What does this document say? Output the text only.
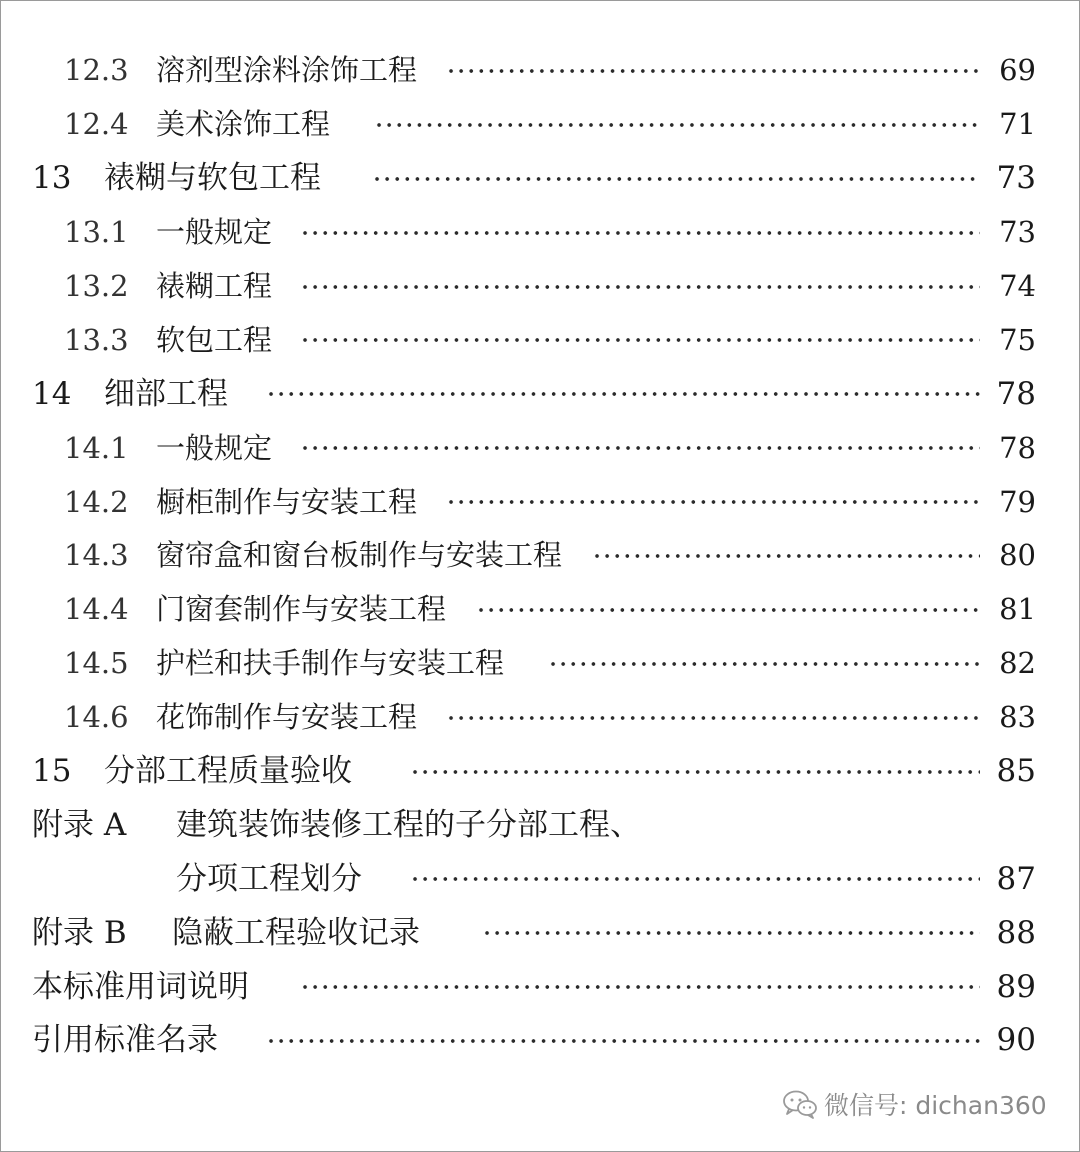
12.3 溶剂型涂料涂饰工程	69
12.4 美术涂饰工程	71
13 裱糊与软包工程	73
13.1 一般规定	73
13.2 裱糊工程	74
13.3 软包工程	75
14 细部工程	78
14.1 一般规定	78
14.2 橱柜制作与安装工程	79
14.3 窗帘盒和窗台板制作与安装工程	80
14.4 门窗套制作与安装工程	81
14.5 护栏和扶手制作与安装工程	82
14.6 花饰制作与安装工程	83
15 分部工程质量验收	85
附录 A 建筑装饰装修工程的子分部工程、
分项工程划分	87
附录 B 隐蔽工程验收记录	88
本标准用词说明	89
引用标准名录	90
微信号: dichan360
